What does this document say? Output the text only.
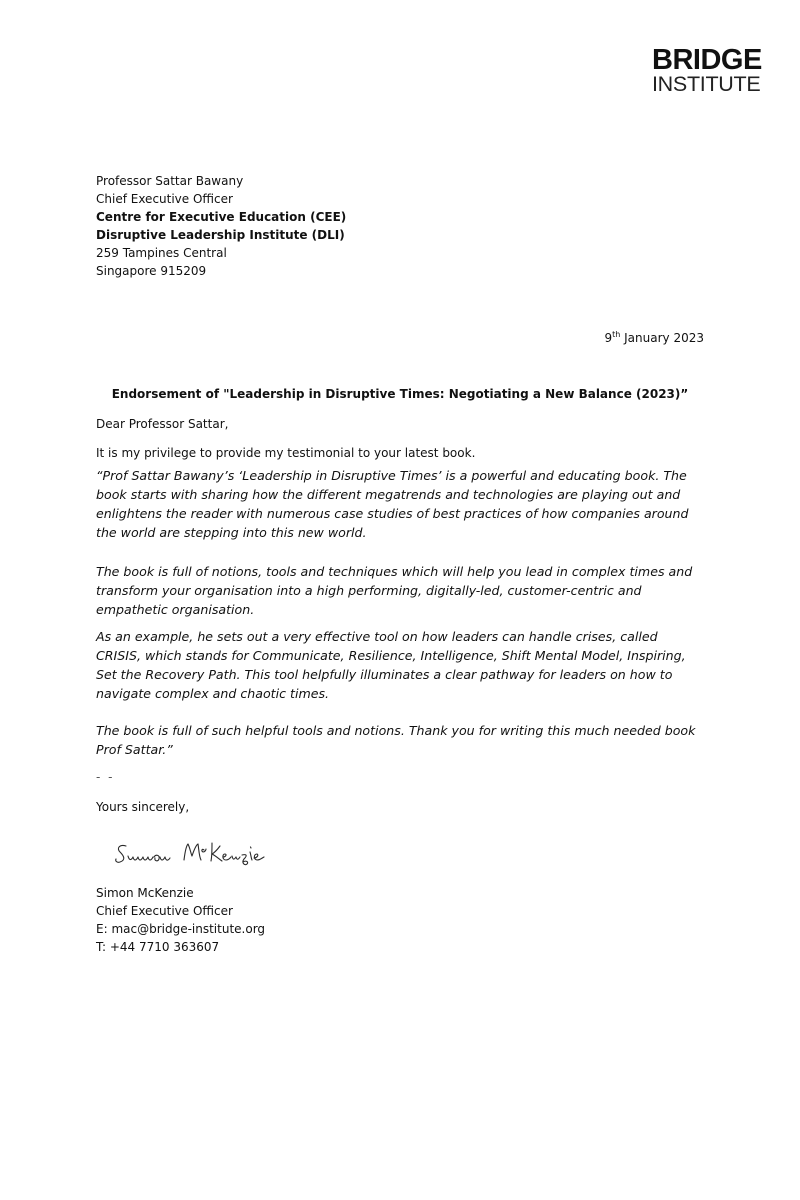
BRIDGE
INSTITUTE
Professor Sattar Bawany
Chief Executive Officer
Centre for Executive Education (CEE)
Disruptive Leadership Institute (DLI)
259 Tampines Central
Singapore 915209
9th January 2023
Endorsement of "Leadership in Disruptive Times: Negotiating a New Balance (2023)”
Dear Professor Sattar,
It is my privilege to provide my testimonial to your latest book.
“Prof Sattar Bawany’s ‘Leadership in Disruptive Times’ is a powerful and educating book. The book starts with sharing how the different megatrends and technologies are playing out and enlightens the reader with numerous case studies of best practices of how companies around the world are stepping into this new world.
The book is full of notions, tools and techniques which will help you lead in complex times and transform your organisation into a high performing, digitally-led, customer-centric and empathetic organisation.
As an example, he sets out a very effective tool on how leaders can handle crises, called CRISIS, which stands for Communicate, Resilience, Intelligence, Shift Mental Model, Inspiring, Set the Recovery Path. This tool helpfully illuminates a clear pathway for leaders on how to navigate complex and chaotic times.
The book is full of such helpful tools and notions. Thank you for writing this much needed book Prof Sattar.”
- -
Yours sincerely,
Simon McKenzie
Chief Executive Officer
E: mac@bridge-institute.org
T: +44 7710 363607
